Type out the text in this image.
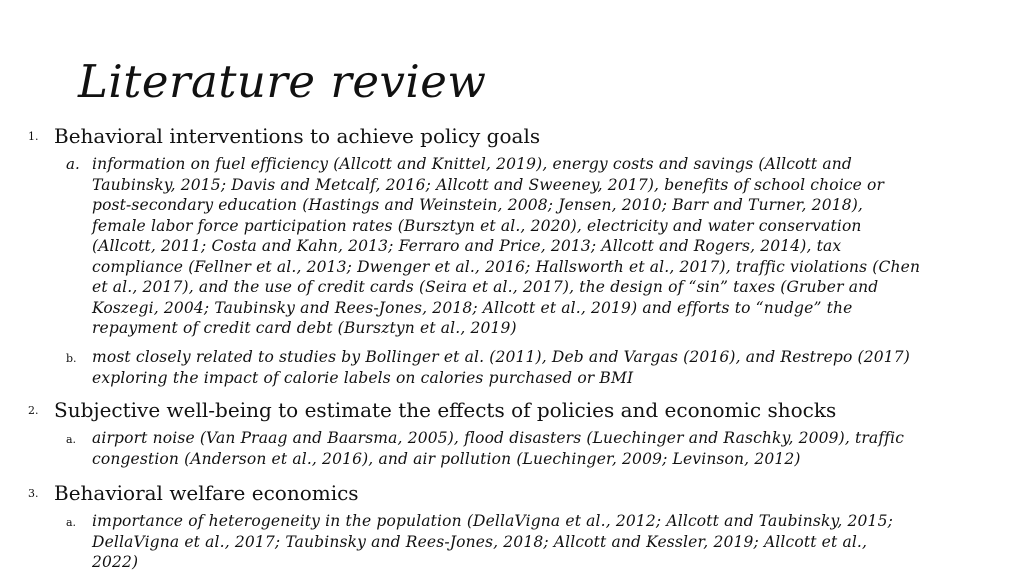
Literature review
1. Behavioral interventions to achieve policy goals
a. information on fuel efficiency (Allcott and Knittel, 2019), energy costs and savings (Allcott and
Taubinsky, 2015; Davis and Metcalf, 2016; Allcott and Sweeney, 2017), benefits of school choice or
post-secondary education (Hastings and Weinstein, 2008; Jensen, 2010; Barr and Turner, 2018),
female labor force participation rates (Bursztyn et al., 2020), electricity and water conservation
(Allcott, 2011; Costa and Kahn, 2013; Ferraro and Price, 2013; Allcott and Rogers, 2014), tax
compliance (Fellner et al., 2013; Dwenger et al., 2016; Hallsworth et al., 2017), traffic violations (Chen
et al., 2017), and the use of credit cards (Seira et al., 2017), the design of “sin” taxes (Gruber and
Koszegi, 2004; Taubinsky and Rees-Jones, 2018; Allcott et al., 2019) and efforts to “nudge” the
repayment of credit card debt (Bursztyn et al., 2019)
b. most closely related to studies by Bollinger et al. (2011), Deb and Vargas (2016), and Restrepo (2017)
exploring the impact of calorie labels on calories purchased or BMI
2. Subjective well-being to estimate the effects of policies and economic shocks
a. airport noise (Van Praag and Baarsma, 2005), flood disasters (Luechinger and Raschky, 2009), traffic
congestion (Anderson et al., 2016), and air pollution (Luechinger, 2009; Levinson, 2012)
3. Behavioral welfare economics
a. importance of heterogeneity in the population (DellaVigna et al., 2012; Allcott and Taubinsky, 2015;
DellaVigna et al., 2017; Taubinsky and Rees-Jones, 2018; Allcott and Kessler, 2019; Allcott et al.,
2022)
